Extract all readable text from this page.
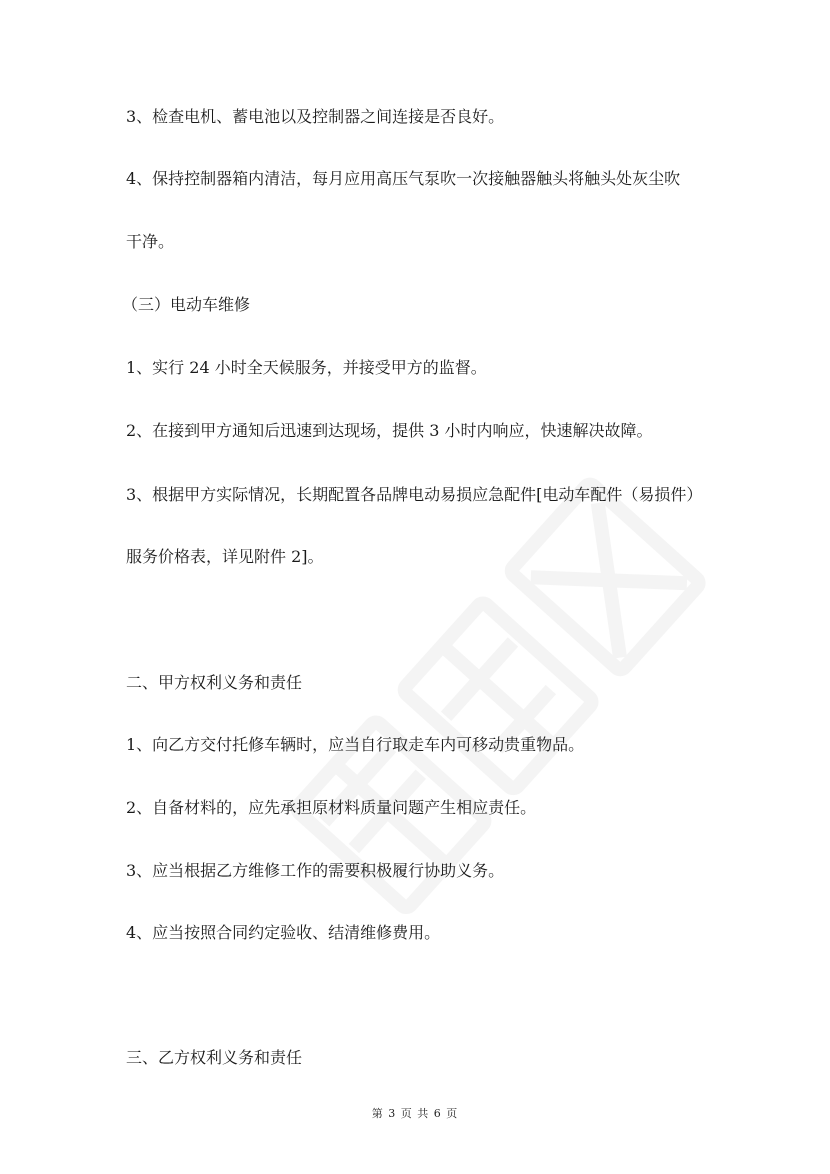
3、检查电机、蓄电池以及控制器之间连接是否良好。
4、保持控制器箱内清洁，每月应用高压气泵吹一次接触器触头将触头处灰尘吹
干净。
（三）电动车维修
1、实行 24 小时全天候服务，并接受甲方的监督。
2、在接到甲方通知后迅速到达现场，提供 3 小时内响应，快速解决故障。
3、根据甲方实际情况，长期配置各品牌电动易损应急配件[电动车配件（易损件）
服务价格表，详见附件 2]。
二、甲方权利义务和责任
1、向乙方交付托修车辆时，应当自行取走车内可移动贵重物品。
2、自备材料的，应先承担原材料质量问题产生相应责任。
3、应当根据乙方维修工作的需要积极履行协助义务。
4、应当按照合同约定验收、结清维修费用。
三、乙方权利义务和责任
第 3 页 共 6 页
